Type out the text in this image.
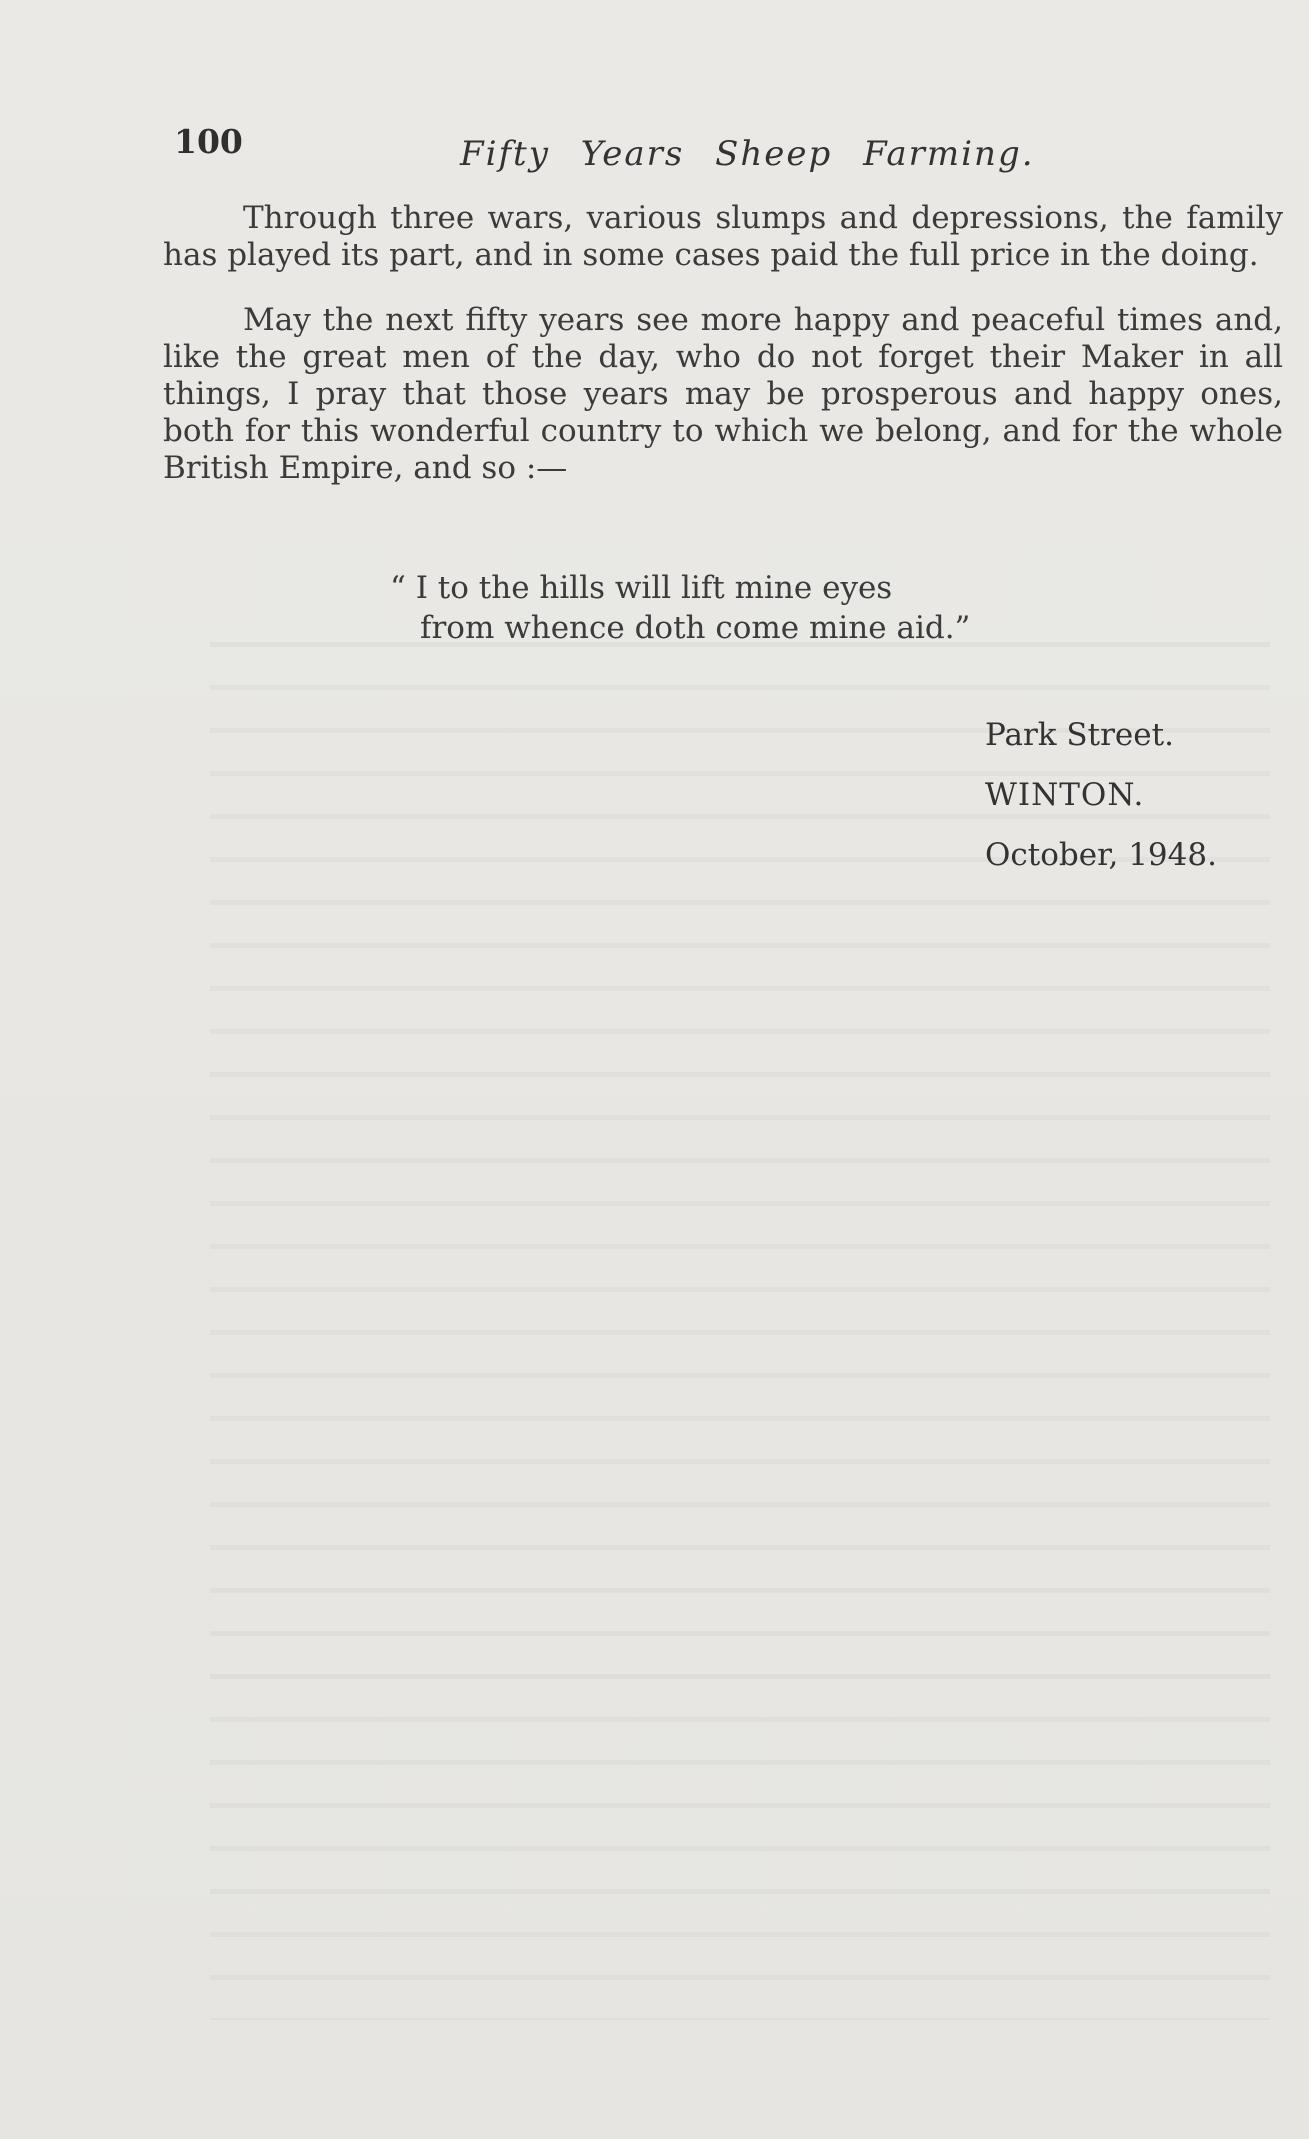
100	Fifty Years Sheep Farming.

Through three wars, various slumps and depressions, the family has played its part, and in some cases paid the full price in the doing.

May the next fifty years see more happy and peaceful times and, like the great men of the day, who do not forget their Maker in all things, I pray that those years may be prosperous and happy ones, both for this wonderful country to which we belong, and for the whole British Empire, and so :—

“ I to the hills will lift mine eyes
from whence doth come mine aid.”
Park Street.
WINTON.
October, 1948.
